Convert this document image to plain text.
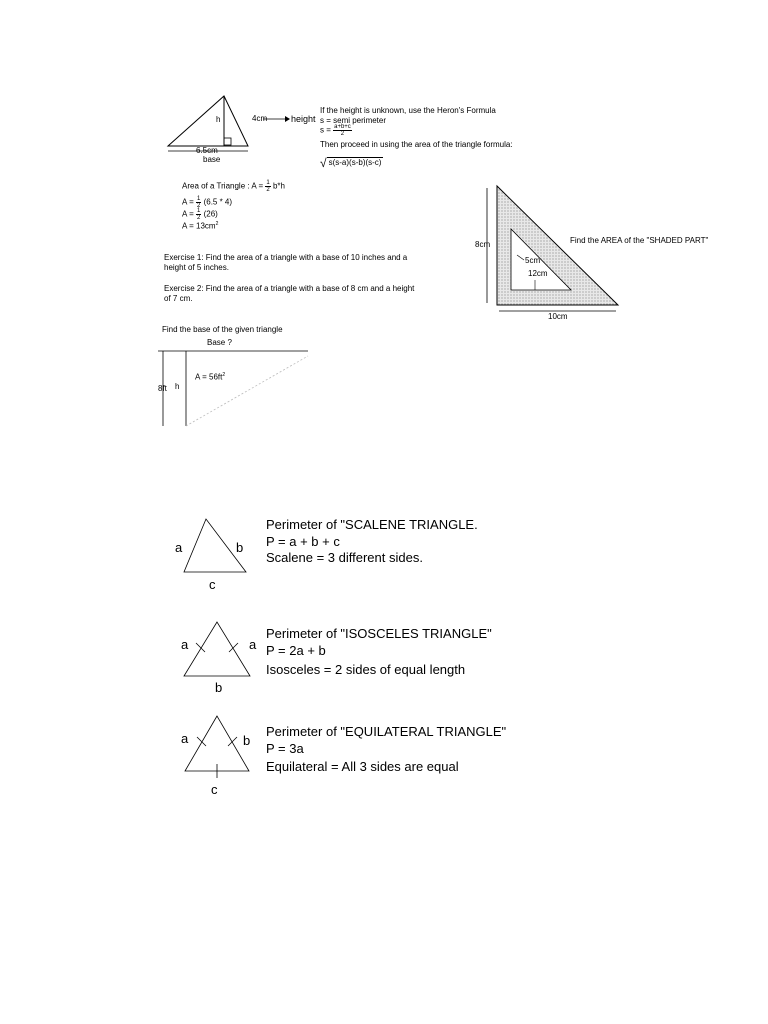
4cm	height
h
6.5cm
base
If the height is unknown, use the Heron's Formula
s = semi perimeter
$s = \frac{a+b+c}{2}$
Then proceed in using the area of the triangle formula:
√ s(s-a)(s-b)(s-c)
Area of a Triangle : $A = \frac{1}{2} b*h$
$A = \frac{1}{2} (6.5 * 4)$
$A = \frac{1}{2} (26)$
$A = 13cm^2$
Exercise 1: Find the area of a triangle with a base of 10 inches and a
height of 5 inches.
Exercise 2: Find the area of a triangle with a base of 8 cm and a height
of 7 cm.
Find the base of the given triangle
Base ?
$A = 56ft^2$
8ft h
8cm	Find the AREA of the "SHADED PART"
5cm
12cm
10cm
a	b
c
Perimeter of "SCALENE TRIANGLE.
P = a + b + c
Scalene = 3 different sides.
a	a
b
Perimeter of "ISOSCELES TRIANGLE"
P = 2a + b
Isosceles = 2 sides of equal length
a	b
c
Perimeter of "EQUILATERAL TRIANGLE"
P = 3a
Equilateral = All 3 sides are equal
